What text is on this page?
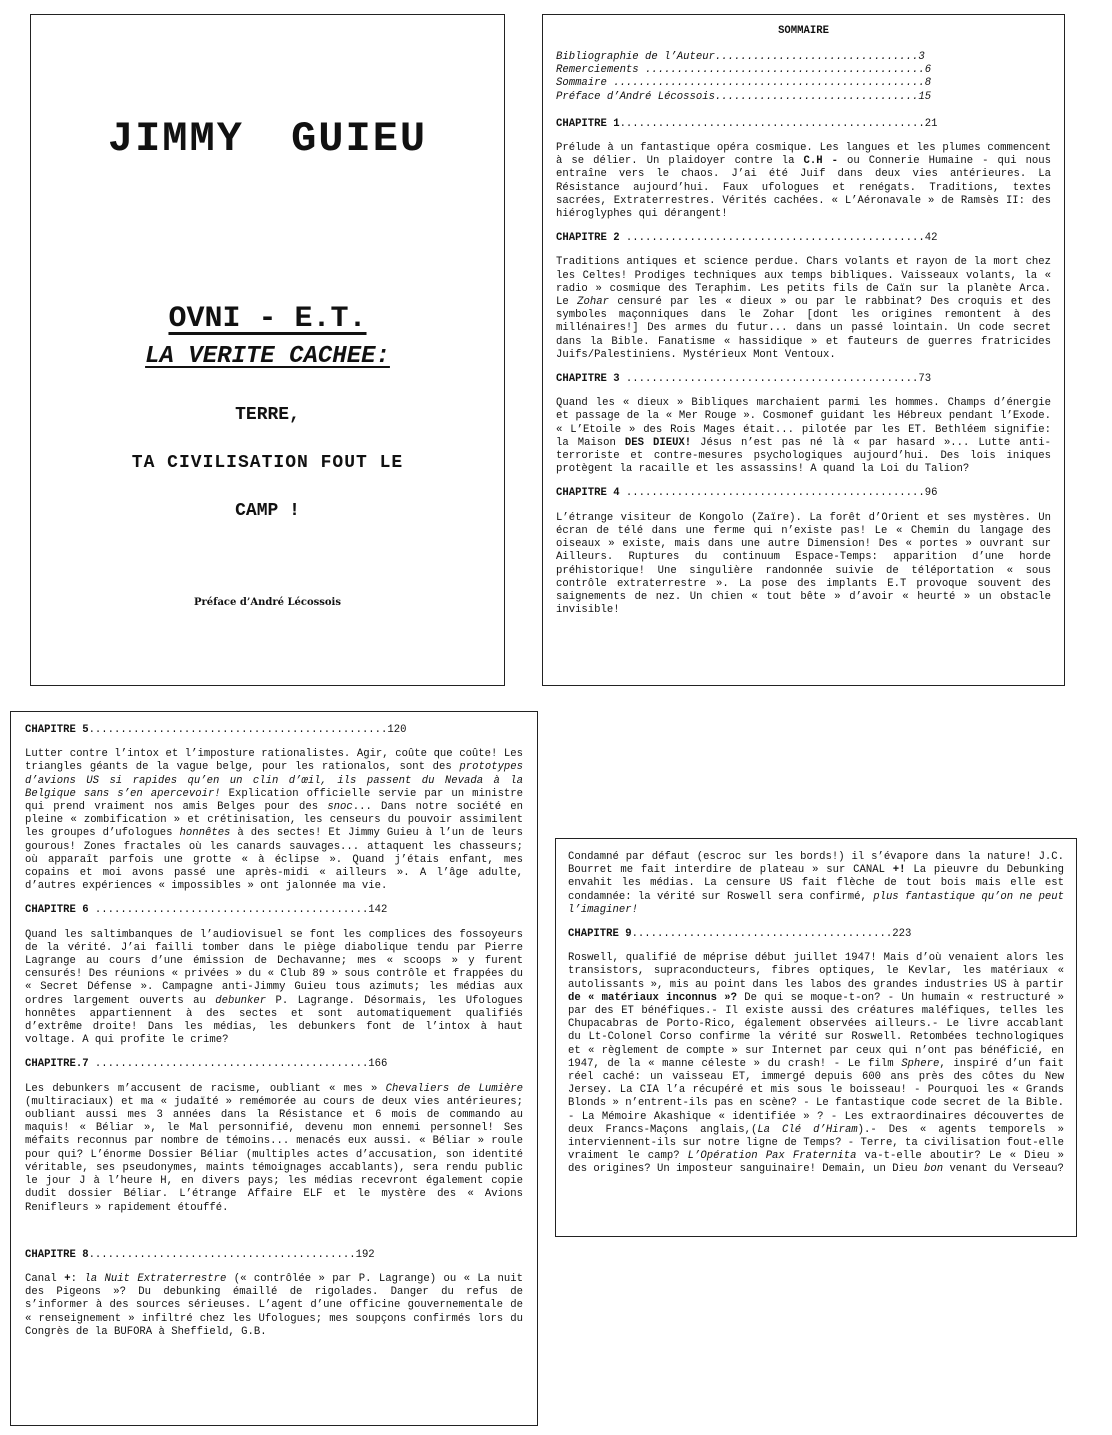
JIMMY GUIEU
OVNI - E.T.
LA VERITE CACHEE:
TERRE,
TA CIVILISATION FOUT LE
CAMP !
Préface d’André Lécossois
SOMMAIRE
Bibliographie de l’Auteur................................3
Remerciements ............................................6
Sommaire .................................................8
Préface d’André Lécossois................................15
CHAPITRE 1................................................21

Prélude à un fantastique opéra cosmique. Les langues et les plumes commencent à se délier. Un plaidoyer contre la C.H - ou Connerie Humaine - qui nous entraîne vers le chaos. J’ai été Juif dans deux vies antérieures. La Résistance aujourd’hui. Faux ufologues et renégats. Traditions, textes sacrées, Extraterrestres. Vérités cachées. « L’Aéronavale » de Ramsès II: des hiéroglyphes qui dérangent!

CHAPITRE 2 ...............................................42

Traditions antiques et science perdue. Chars volants et rayon de la mort chez les Celtes! Prodiges techniques aux temps bibliques. Vaisseaux volants, la « radio » cosmique des Teraphim. Les petits fils de Caïn sur la planète Arca. Le Zohar censuré par les « dieux » ou par le rabbinat? Des croquis et des symboles maçonniques dans le Zohar [dont les origines remontent à des millénaires!] Des armes du futur... dans un passé lointain. Un code secret dans la Bible. Fanatisme « hassidique » et fauteurs de guerres fratricides Juifs/Palestiniens. Mystérieux Mont Ventoux.

CHAPITRE 3 ..............................................73

Quand les « dieux » Bibliques marchaient parmi les hommes. Champs d’énergie et passage de la « Mer Rouge ». Cosmonef guidant les Hébreux pendant l’Exode. « L’Etoile » des Rois Mages était... pilotée par les ET. Bethléem signifie: la Maison DES DIEUX! Jésus n’est pas né là « par hasard »... Lutte anti-terroriste et contre-mesures psychologiques aujourd’hui. Des lois iniques protègent la racaille et les assassins! A quand la Loi du Talion?

CHAPITRE 4 ...............................................96

L’étrange visiteur de Kongolo (Zaïre). La forêt d’Orient et ses mystères. Un écran de télé dans une ferme qui n’existe pas! Le « Chemin du langage des oiseaux » existe, mais dans une autre Dimension! Des « portes » ouvrant sur Ailleurs. Ruptures du continuum Espace-Temps: apparition d’une horde préhistorique! Une singulière randonnée suivie de téléportation « sous contrôle extraterrestre ». La pose des implants E.T provoque souvent des saignements de nez. Un chien « tout bête » d’avoir « heurté » un obstacle invisible!

CHAPITRE 5...............................................120

Lutter contre l’intox et l’imposture rationalistes. Agir, coûte que coûte! Les triangles géants de la vague belge, pour les rationalos, sont des prototypes d’avions US si rapides qu’en un clin d’œil, ils passent du Nevada à la Belgique sans s’en apercevoir! Explication officielle servie par un ministre qui prend vraiment nos amis Belges pour des snoc... Dans notre société en pleine « zombification » et crétinisation, les censeurs du pouvoir assimilent les groupes d’ufologues honnêtes à des sectes! Et Jimmy Guieu à l’un de leurs gourous! Zones fractales où les canards sauvages... attaquent les chasseurs; où apparaît parfois une grotte « à éclipse ». Quand j’étais enfant, mes copains et moi avons passé une après-midi « ailleurs ». A l’âge adulte, d’autres expériences « impossibles » ont jalonnée ma vie.

CHAPITRE 6 ...........................................142

Quand les saltimbanques de l’audiovisuel se font les complices des fossoyeurs de la vérité. J’ai failli tomber dans le piège diabolique tendu par Pierre Lagrange au cours d’une émission de Dechavanne; mes « scoops » y furent censurés! Des réunions « privées » du « Club 89 » sous contrôle et frappées du « Secret Défense ». Campagne anti-Jimmy Guieu tous azimuts; les médias aux ordres largement ouverts au debunker P. Lagrange. Désormais, les Ufologues honnêtes appartiennent à des sectes et sont automatiquement qualifiés d’extrême droite! Dans les médias, les debunkers font de l’intox à haut voltage. A qui profite le crime?

CHAPITRE.7 ...........................................166

Les debunkers m’accusent de racisme, oubliant « mes » Chevaliers de Lumière (multiraciaux) et ma « judaïté » remémorée au cours de deux vies antérieures; oubliant aussi mes 3 années dans la Résistance et 6 mois de commando au maquis! « Béliar », le Mal personnifié, devenu mon ennemi personnel! Ses méfaits reconnus par nombre de témoins... menacés eux aussi. « Béliar » roule pour qui? L’énorme Dossier Béliar (multiples actes d’accusation, son identité véritable, ses pseudonymes, maints témoignages accablants), sera rendu public le jour J à l’heure H, en divers pays; les médias recevront également copie dudit dossier Béliar. L’étrange Affaire ELF et le mystère des « Avions Renifleurs » rapidement étouffé.

CHAPITRE 8..........................................192

Canal +: la Nuit Extraterrestre (« contrôlée » par P. Lagrange) ou « La nuit des Pigeons »? Du debunking émaillé de rigolades. Danger du refus de s’informer à des sources sérieuses. L’agent d’une officine gouvernementale de « renseignement » infiltré chez les Ufologues; mes soupçons confirmés lors du Congrès de la BUFORA à Sheffield, G.B.

Condamné par défaut (escroc sur les bords!) il s’évapore dans la nature! J.C. Bourret me fait interdire de plateau » sur CANAL +! La pieuvre du Debunking envahit les médias. La censure US fait flèche de tout bois mais elle est condamnée: la vérité sur Roswell sera confirmé, plus fantastique qu’on ne peut l’imaginer!

CHAPITRE 9.........................................223

Roswell, qualifié de méprise début juillet 1947! Mais d’où venaient alors les transistors, supraconducteurs, fibres optiques, le Kevlar, les matériaux « autolissants », mis au point dans les labos des grandes industries US à partir de « matériaux inconnus »? De qui se moque-t-on? - Un humain « restructuré » par des ET bénéfiques.- Il existe aussi des créatures maléfiques, telles les Chupacabras de Porto-Rico, également observées ailleurs.- Le livre accablant du Lt-Colonel Corso confirme la vérité sur Roswell. Retombées technologiques et « règlement de compte » sur Internet par ceux qui n’ont pas bénéficié, en 1947, de la « manne céleste » du crash! - Le film Sphere, inspiré d’un fait réel caché: un vaisseau ET, immergé depuis 600 ans près des côtes du New Jersey. La CIA l’a récupéré et mis sous le boisseau! - Pourquoi les « Grands Blonds » n’entrent-ils pas en scène? - Le fantastique code secret de la Bible. - La Mémoire Akashique « identifiée » ? - Les extraordinaires découvertes de deux Francs-Maçons anglais,(La Clé d’Hiram).- Des « agents temporels » interviennent-ils sur notre ligne de Temps? - Terre, ta civilisation fout-elle vraiment le camp? L’Opération Pax Fraternita va-t-elle aboutir? Le « Dieu » des origines? Un imposteur sanguinaire! Demain, un Dieu bon venant du Verseau?
